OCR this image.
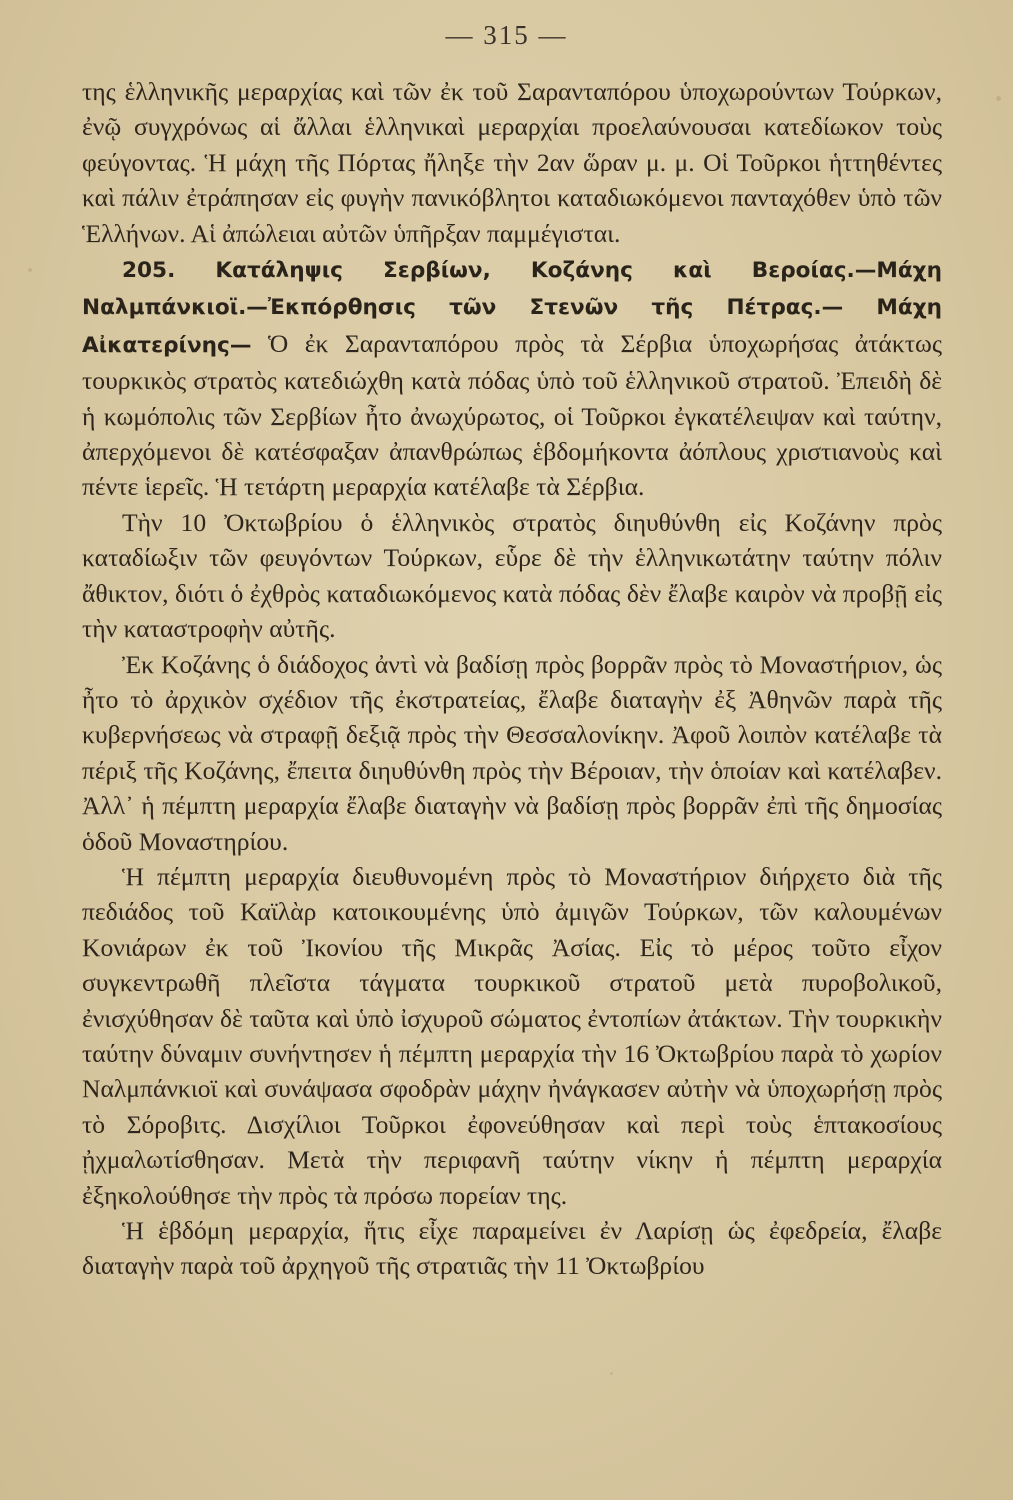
— 315 —

της ἑλληνικῆς μεραρχίας καὶ τῶν ἐκ τοῦ Σαρανταπόρου ὑποχωρούντων Τούρκων, ἐνῷ συγχρόνως αἱ ἄλλαι ἑλληνικαὶ μεραρχίαι προελαύνουσαι κατεδίωκον τοὺς φεύγοντας. Ἡ μάχη τῆς Πόρτας ἤληξε τὴν 2αν ὥραν μ. μ. Οἱ Τοῦρκοι ἡττηθέντες καὶ πάλιν ἐτράπησαν εἰς φυγὴν πανικόβλητοι καταδιωκόμενοι πανταχόθεν ὑπὸ τῶν Ἑλλήνων. Αἱ ἀπώλειαι αὐτῶν ὑπῆρξαν παμμέγισται.

205. Κατάληψις Σερβίων, Κοζάνης καὶ Βεροίας.—Μάχη Ναλμπάνκιοϊ.—Ἐκπόρθησις τῶν Στενῶν τῆς Πέτρας.— Μάχη Αἰκατερίνης— Ὁ ἐκ Σαρανταπόρου πρὸς τὰ Σέρβια ὑποχωρήσας ἀτάκτως τουρκικὸς στρατὸς κατεδιώχθη κατὰ πόδας ὑπὸ τοῦ ἑλληνικοῦ στρατοῦ. Ἐπειδὴ δὲ ἡ κωμόπολις τῶν Σερβίων ἦτο ἀνωχύρωτος, οἱ Τοῦρκοι ἐγκατέλειψαν καὶ ταύτην, ἀπερχόμενοι δὲ κατέσφαξαν ἀπανθρώπως ἑβδομήκοντα ἀόπλους χριστιανοὺς καὶ πέντε ἱερεῖς. Ἡ τετάρτη μεραρχία κατέλαβε τὰ Σέρβια.

Τὴν 10 Ὀκτωβρίου ὁ ἑλληνικὸς στρατὸς διηυθύνθη εἰς Κοζάνην πρὸς καταδίωξιν τῶν φευγόντων Τούρκων, εὗρε δὲ τὴν ἑλληνικωτάτην ταύτην πόλιν ἄθικτον, διότι ὁ ἐχθρὸς καταδιωκόμενος κατὰ πόδας δὲν ἔλαβε καιρὸν νὰ προβῇ εἰς τὴν καταστροφὴν αὐτῆς.

Ἐκ Κοζάνης ὁ διάδοχος ἀντὶ νὰ βαδίσῃ πρὸς βορρᾶν πρὸς τὸ Μοναστήριον, ὡς ἦτο τὸ ἀρχικὸν σχέδιον τῆς ἐκστρατείας, ἔλαβε διαταγὴν ἐξ Ἀθηνῶν παρὰ τῆς κυβερνήσεως νὰ στραφῇ δεξιᾷ πρὸς τὴν Θεσσαλονίκην. Ἀφοῦ λοιπὸν κατέλαβε τὰ πέριξ τῆς Κοζάνης, ἔπειτα διηυθύνθη πρὸς τὴν Βέροιαν, τὴν ὁποίαν καὶ κατέλαβεν. Ἀλλ᾽ ἡ πέμπτη μεραρχία ἔλαβε διαταγὴν νὰ βαδίσῃ πρὸς βορρᾶν ἐπὶ τῆς δημοσίας ὁδοῦ Μοναστηρίου.

Ἡ πέμπτη μεραρχία διευθυνομένη πρὸς τὸ Μοναστήριον διήρχετο διὰ τῆς πεδιάδος τοῦ Καϊλὰρ κατοικουμένης ὑπὸ ἀμιγῶν Τούρκων, τῶν καλουμένων Κονιάρων ἐκ τοῦ Ἰκονίου τῆς Μικρᾶς Ἀσίας. Εἰς τὸ μέρος τοῦτο εἶχον συγκεντρωθῆ πλεῖστα τάγματα τουρκικοῦ στρατοῦ μετὰ πυροβολικοῦ, ἐνισχύθησαν δὲ ταῦτα καὶ ὑπὸ ἰσχυροῦ σώματος ἐντοπίων ἀτάκτων. Τὴν τουρκικὴν ταύτην δύναμιν συνήντησεν ἡ πέμπτη μεραρχία τὴν 16 Ὀκτωβρίου παρὰ τὸ χωρίον Ναλμπάνκιοϊ καὶ συνάψασα σφοδρὰν μάχην ἠνάγκασεν αὐτὴν νὰ ὑποχωρήσῃ πρὸς τὸ Σόροβιτς. Δισχίλιοι Τοῦρκοι ἐφονεύθησαν καὶ περὶ τοὺς ἑπτακοσίους ᾐχμαλωτίσθησαν. Μετὰ τὴν περιφανῆ ταύτην νίκην ἡ πέμπτη μεραρχία ἐξηκολούθησε τὴν πρὸς τὰ πρόσω πορείαν της.

Ἡ ἑβδόμη μεραρχία, ἥτις εἶχε παραμείνει ἐν Λαρίσῃ ὡς ἐφεδρεία, ἔλαβε διαταγὴν παρὰ τοῦ ἀρχηγοῦ τῆς στρατιᾶς τὴν 11 Ὀκτωβρίου
